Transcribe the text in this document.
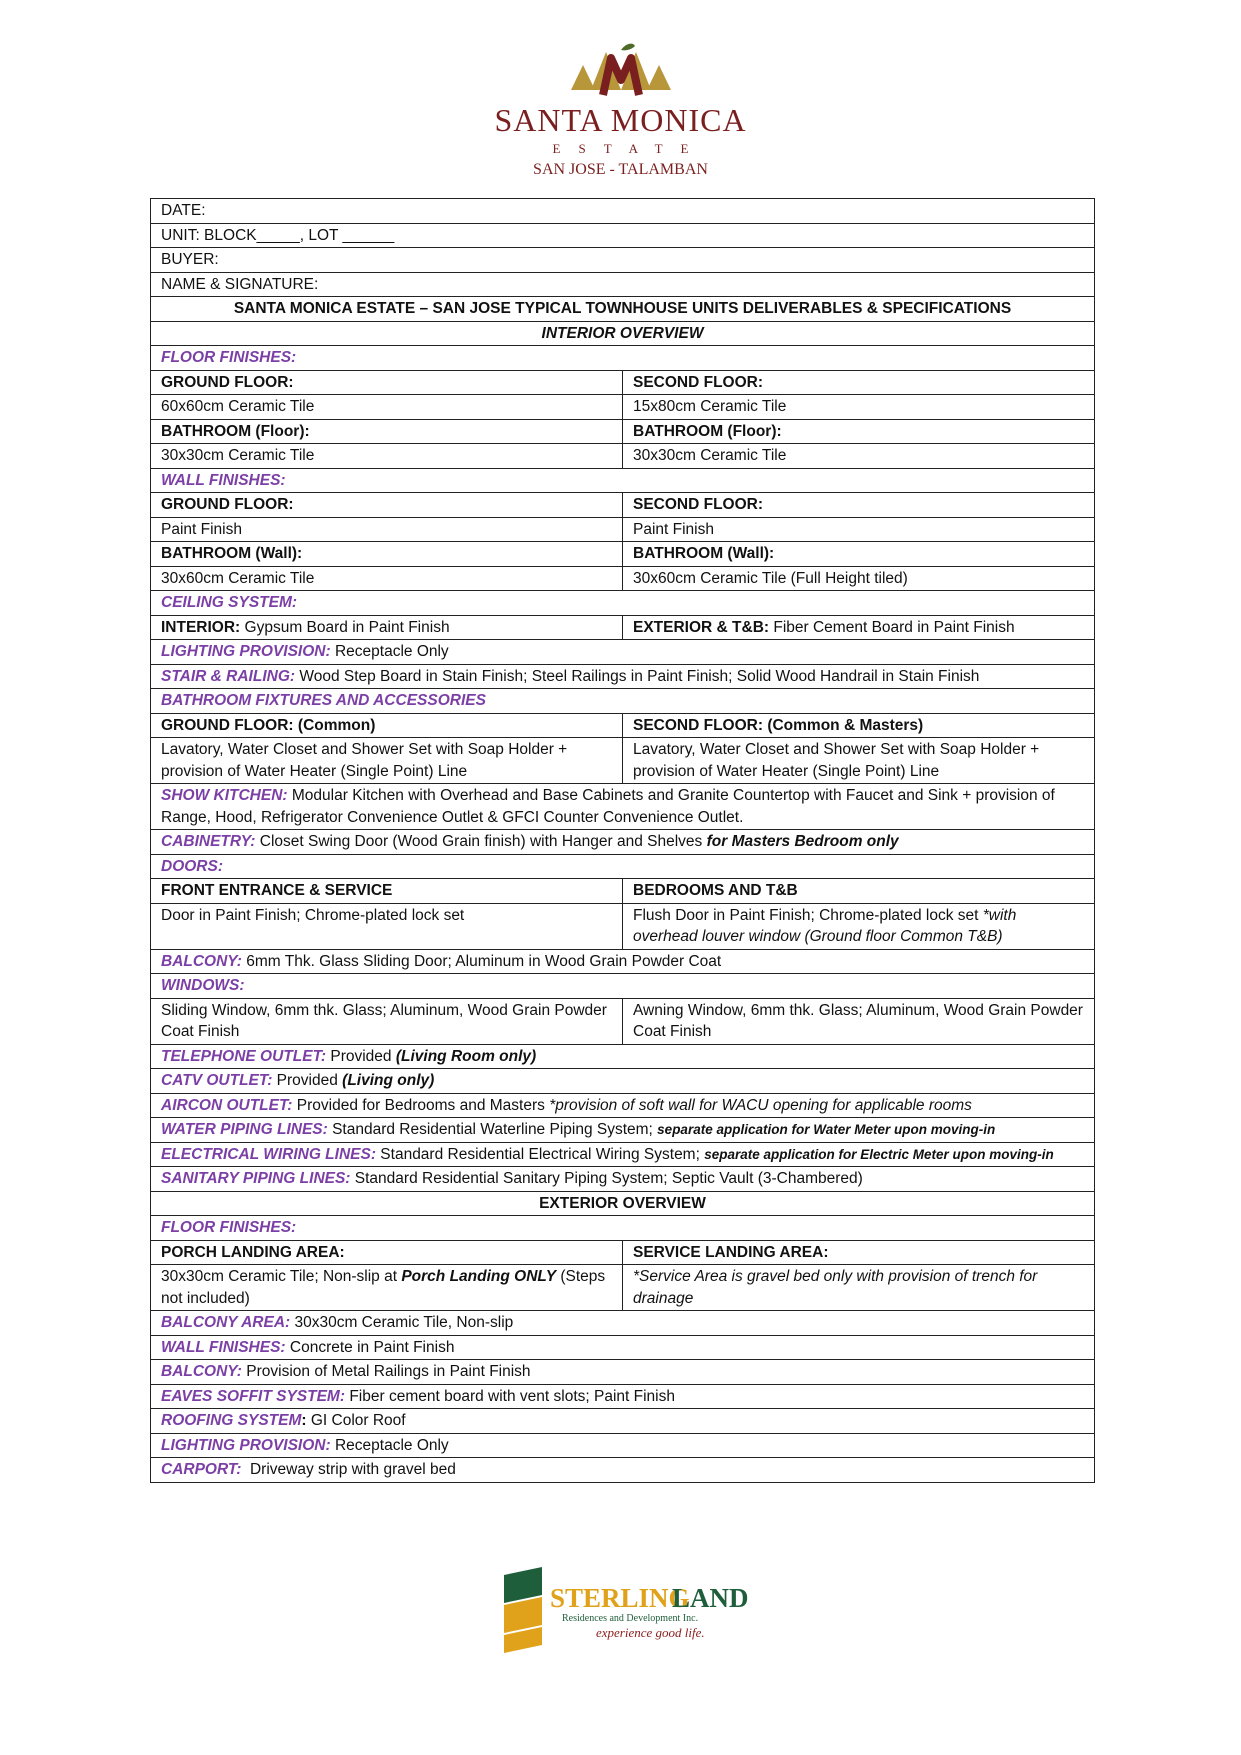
SANTA MONICA
ESTATE
SAN JOSE - TALAMBAN
DATE:	
UNIT: BLOCK_____, LOT ______	
BUYER:	
NAME & SIGNATURE:	
SANTA MONICA ESTATE – SAN JOSE TYPICAL TOWNHOUSE UNITS DELIVERABLES & SPECIFICATIONS	
INTERIOR OVERVIEW	
FLOOR FINISHES:	
GROUND FLOOR:	SECOND FLOOR:
60x60cm Ceramic Tile	15x80cm Ceramic Tile
BATHROOM (Floor):	BATHROOM (Floor):
30x30cm Ceramic Tile	30x30cm Ceramic Tile
WALL FINISHES:	
GROUND FLOOR:	SECOND FLOOR:
Paint Finish	Paint Finish
BATHROOM (Wall):	BATHROOM (Wall):
30x60cm Ceramic Tile	30x60cm Ceramic Tile (Full Height tiled)
CEILING SYSTEM:	
INTERIOR: Gypsum Board in Paint Finish	EXTERIOR & T&B: Fiber Cement Board in Paint Finish
LIGHTING PROVISION: Receptacle Only	
STAIR & RAILING: Wood Step Board in Stain Finish; Steel Railings in Paint Finish; Solid Wood Handrail in Stain Finish	
BATHROOM FIXTURES AND ACCESSORIES	
GROUND FLOOR: (Common)	SECOND FLOOR: (Common & Masters)
Lavatory, Water Closet and Shower Set with Soap Holder + provision of Water Heater (Single Point) Line	Lavatory, Water Closet and Shower Set with Soap Holder + provision of Water Heater (Single Point) Line
SHOW KITCHEN: Modular Kitchen with Overhead and Base Cabinets and Granite Countertop with Faucet and Sink + provision of Range, Hood, Refrigerator Convenience Outlet & GFCI Counter Convenience Outlet.	
CABINETRY: Closet Swing Door (Wood Grain finish) with Hanger and Shelves for Masters Bedroom only	
DOORS:	
FRONT ENTRANCE & SERVICE	BEDROOMS AND T&B
Door in Paint Finish; Chrome-plated lock set	Flush Door in Paint Finish; Chrome-plated lock set *with overhead louver window (Ground floor Common T&B)
BALCONY: 6mm Thk. Glass Sliding Door; Aluminum in Wood Grain Powder Coat	
WINDOWS:	
Sliding Window, 6mm thk. Glass; Aluminum, Wood Grain Powder Coat Finish	Awning Window, 6mm thk. Glass; Aluminum, Wood Grain Powder Coat Finish
TELEPHONE OUTLET: Provided (Living Room only)	
CATV OUTLET: Provided (Living only)	
AIRCON OUTLET: Provided for Bedrooms and Masters *provision of soft wall for WACU opening for applicable rooms	
WATER PIPING LINES: Standard Residential Waterline Piping System; separate application for Water Meter upon moving-in	
ELECTRICAL WIRING LINES: Standard Residential Electrical Wiring System; separate application for Electric Meter upon moving-in	
SANITARY PIPING LINES: Standard Residential Sanitary Piping System; Septic Vault (3-Chambered)	
EXTERIOR OVERVIEW	
FLOOR FINISHES:	
PORCH LANDING AREA:	SERVICE LANDING AREA:
30x30cm Ceramic Tile; Non-slip at Porch Landing ONLY (Steps not included)	*Service Area is gravel bed only with provision of trench for drainage
BALCONY AREA: 30x30cm Ceramic Tile, Non-slip	
WALL FINISHES: Concrete in Paint Finish	
BALCONY: Provision of Metal Railings in Paint Finish	
EAVES SOFFIT SYSTEM: Fiber cement board with vent slots; Paint Finish	
ROOFING SYSTEM: GI Color Roof	
LIGHTING PROVISION: Receptacle Only	
CARPORT:  Driveway strip with gravel bed	
STERLING
LAND
Residences and Development Inc.
experience good life.
